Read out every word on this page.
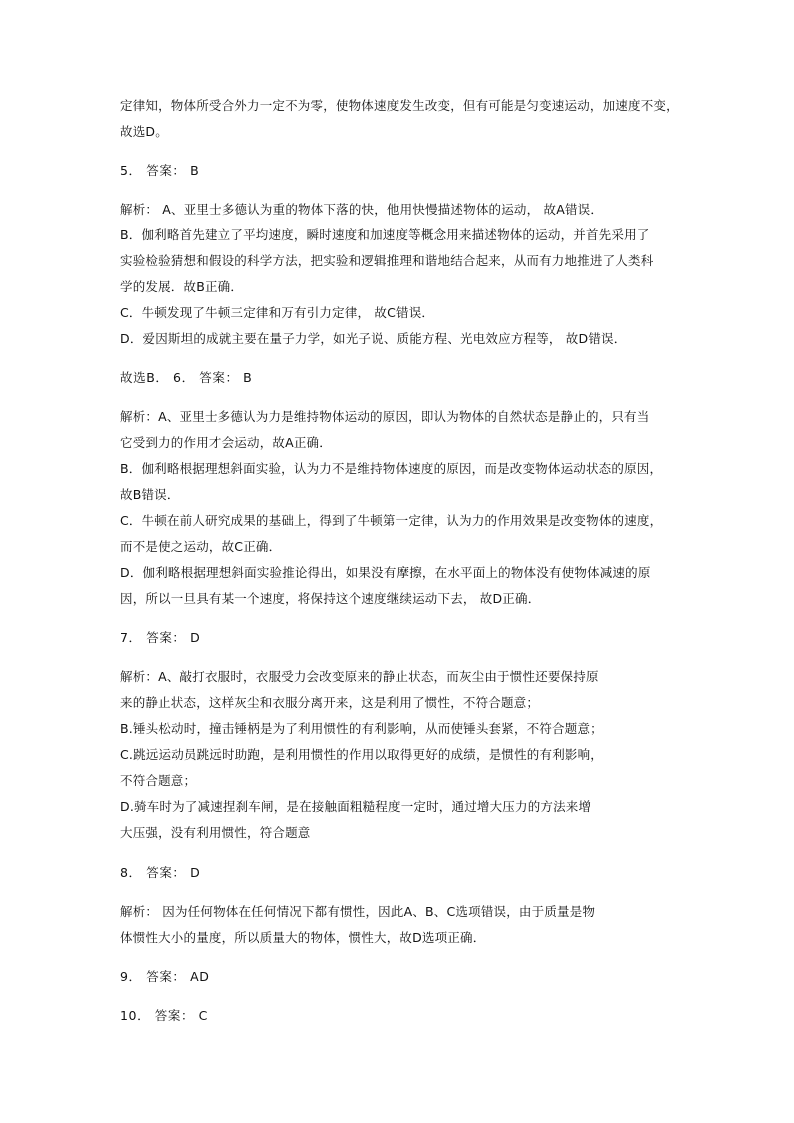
定律知，物体所受合外力一定不为零，使物体速度发生改变，但有可能是匀变速运动，加速度不变，
故选D。
5． 答案： B
解析： A、亚里士多德认为重的物体下落的快，他用快慢描述物体的运动， 故A错误．
B．伽利略首先建立了平均速度，瞬时速度和加速度等概念用来描述物体的运动，并首先采用了
实验检验猜想和假设的科学方法，把实验和逻辑推理和谐地结合起来，从而有力地推进了人类科
学的发展．故B正确．
C．牛顿发现了牛顿三定律和万有引力定律， 故C错误．
D．爱因斯坦的成就主要在量子力学，如光子说、质能方程、光电效应方程等， 故D错误．
故选B． 6． 答案： B
解析：A、亚里士多德认为力是维持物体运动的原因，即认为物体的自然状态是静止的，只有当
它受到力的作用才会运动，故A正确．
B．伽利略根据理想斜面实验，认为力不是维持物体速度的原因，而是改变物体运动状态的原因，
故B错误．
C．牛顿在前人研究成果的基础上，得到了牛顿第一定律，认为力的作用效果是改变物体的速度，
而不是使之运动，故C正确．
D．伽利略根据理想斜面实验推论得出，如果没有摩擦，在水平面上的物体没有使物体减速的原
因，所以一旦具有某一个速度，将保持这个速度继续运动下去， 故D正确．
7． 答案： D
解析：A、敲打衣服时，衣服受力会改变原来的静止状态，而灰尘由于惯性还要保持原
来的静止状态，这样灰尘和衣服分离开来，这是利用了惯性，不符合题意；
B.锤头松动时，撞击锤柄是为了利用惯性的有利影响，从而使锤头套紧，不符合题意；
C.跳远运动员跳远时助跑，是利用惯性的作用以取得更好的成绩，是惯性的有利影响，
不符合题意；
D.骑车时为了减速捏刹车闸，是在接触面粗糙程度一定时，通过增大压力的方法来增
大压强，没有利用惯性，符合题意
8． 答案： D
解析： 因为任何物体在任何情况下都有惯性，因此A、B、C选项错误，由于质量是物
体惯性大小的量度，所以质量大的物体，惯性大，故D选项正确．
9． 答案： AD
10． 答案： C
